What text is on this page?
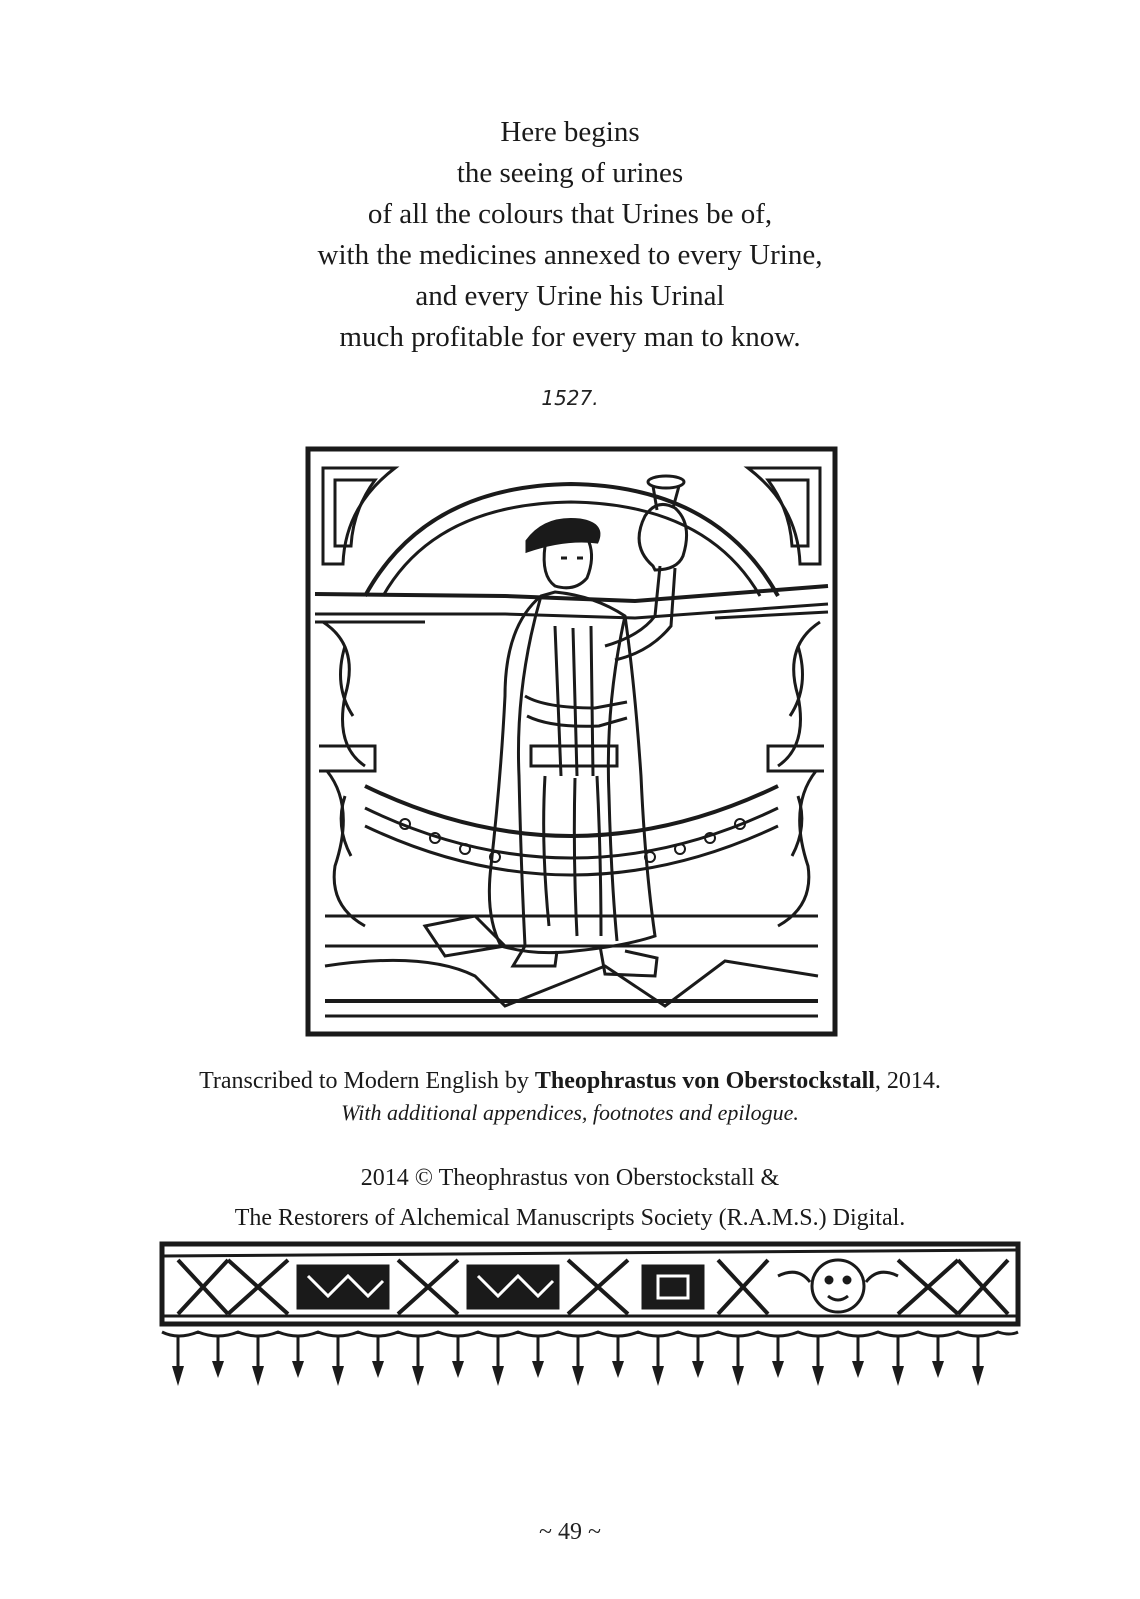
Here begins
the seeing of urines
of all the colours that Urines be of,
with the medicines annexed to every Urine,
and every Urine his Urinal
much profitable for every man to know.
1527.
Transcribed to Modern English by Theophrastus von Oberstockstall, 2014.
With additional appendices, footnotes and epilogue.
2014 © Theophrastus von Oberstockstall &
The Restorers of Alchemical Manuscripts Society (R.A.M.S.) Digital.
~ 49 ~
